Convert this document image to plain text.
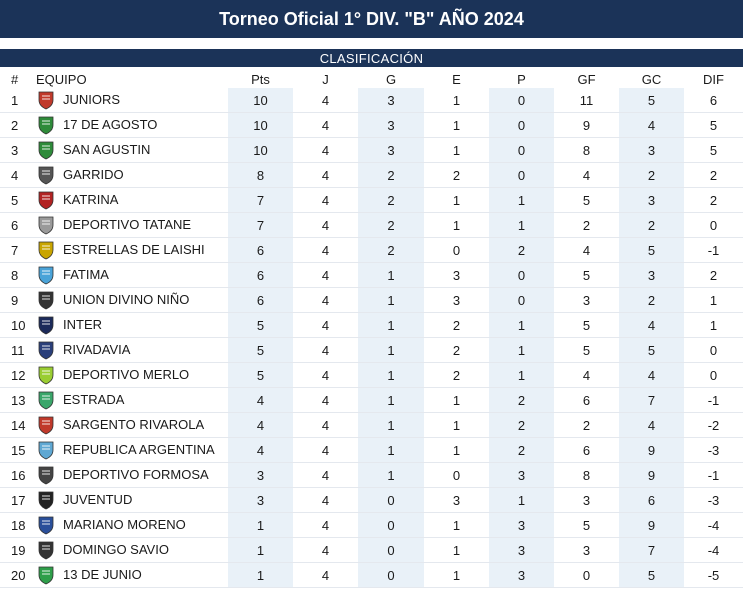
Torneo Oficial 1° DIV. "B" AÑO 2024
CLASIFICACIÓN
#	EQUIPO	Pts	J	G	E	P	GF	GC	DIF
1	JUNIORS	10	4	3	1	0	11	5	6
2	17 DE AGOSTO	10	4	3	1	0	9	4	5
3	SAN AGUSTIN	10	4	3	1	0	8	3	5
4	GARRIDO	8	4	2	2	0	4	2	2
5	KATRINA	7	4	2	1	1	5	3	2
6	DEPORTIVO TATANE	7	4	2	1	1	2	2	0
7	ESTRELLAS DE LAISHI	6	4	2	0	2	4	5	-1
8	FATIMA	6	4	1	3	0	5	3	2
9	UNION DIVINO NIÑO	6	4	1	3	0	3	2	1
10	INTER	5	4	1	2	1	5	4	1
11	RIVADAVIA	5	4	1	2	1	5	5	0
12	DEPORTIVO MERLO	5	4	1	2	1	4	4	0
13	ESTRADA	4	4	1	1	2	6	7	-1
14	SARGENTO RIVAROLA	4	4	1	1	2	2	4	-2
15	REPUBLICA ARGENTINA	4	4	1	1	2	6	9	-3
16	DEPORTIVO FORMOSA	3	4	1	0	3	8	9	-1
17	JUVENTUD	3	4	0	3	1	3	6	-3
18	MARIANO MORENO	1	4	0	1	3	5	9	-4
19	DOMINGO SAVIO	1	4	0	1	3	3	7	-4
20	13 DE JUNIO	1	4	0	1	3	0	5	-5
